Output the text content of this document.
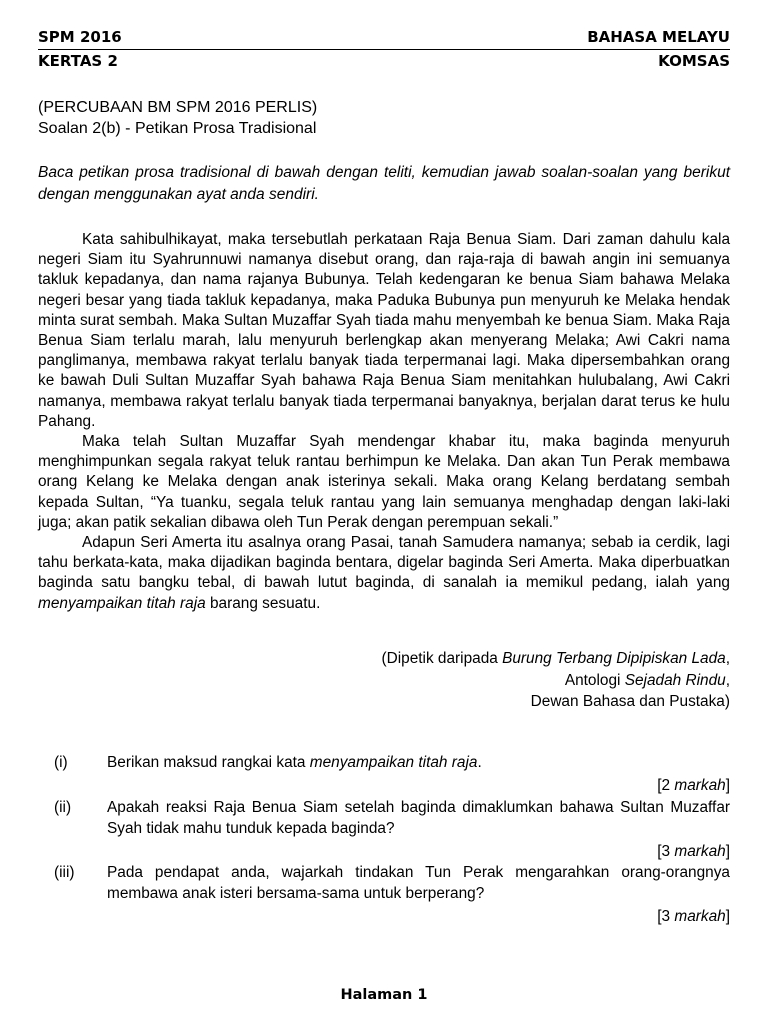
SPM 2016	BAHASA MELAYU
KERTAS 2	KOMSAS
(PERCUBAAN BM SPM 2016 PERLIS)
Soalan 2(b) - Petikan Prosa Tradisional
Baca petikan prosa tradisional di bawah dengan teliti, kemudian jawab soalan-soalan yang berikut dengan menggunakan ayat anda sendiri.

Kata sahibulhikayat, maka tersebutlah perkataan Raja Benua Siam. Dari zaman dahulu kala negeri Siam itu Syahrunnuwi namanya disebut orang, dan raja-raja di bawah angin ini semuanya takluk kepadanya, dan nama rajanya Bubunya. Telah kedengaran ke benua Siam bahawa Melaka negeri besar yang tiada takluk kepadanya, maka Paduka Bubunya pun menyuruh ke Melaka hendak minta surat sembah. Maka Sultan Muzaffar Syah tiada mahu menyembah ke benua Siam. Maka Raja Benua Siam terlalu marah, lalu menyuruh berlengkap akan menyerang Melaka; Awi Cakri nama panglimanya, membawa rakyat terlalu banyak tiada terpermanai lagi. Maka dipersembahkan orang ke bawah Duli Sultan Muzaffar Syah bahawa Raja Benua Siam menitahkan hulubalang, Awi Cakri namanya, membawa rakyat terlalu banyak tiada terpermanai banyaknya, berjalan darat terus ke hulu Pahang.

Maka telah Sultan Muzaffar Syah mendengar khabar itu, maka baginda menyuruh menghimpunkan segala rakyat teluk rantau berhimpun ke Melaka. Dan akan Tun Perak membawa orang Kelang ke Melaka dengan anak isterinya sekali. Maka orang Kelang berdatang sembah kepada Sultan, “Ya tuanku, segala teluk rantau yang lain semuanya menghadap dengan laki-laki juga; akan patik sekalian dibawa oleh Tun Perak dengan perempuan sekali.”

Adapun Seri Amerta itu asalnya orang Pasai, tanah Samudera namanya; sebab ia cerdik, lagi tahu berkata-kata, maka dijadikan baginda bentara, digelar baginda Seri Amerta. Maka diperbuatkan baginda satu bangku tebal, di bawah lutut baginda, di sanalah ia memikul pedang, ialah yang menyampaikan titah raja barang sesuatu.

(Dipetik daripada Burung Terbang Dipipiskan Lada,
Antologi Sejadah Rindu,
Dewan Bahasa dan Pustaka)
(i)	Berikan maksud rangkai kata menyampaikan titah raja.
[2 markah]
(ii) Apakah reaksi Raja Benua Siam setelah baginda dimaklumkan bahawa Sultan Muzaffar Syah tidak mahu tunduk kepada baginda?
[3 markah]
(iii) Pada pendapat anda, wajarkah tindakan Tun Perak mengarahkan orang-orangnya membawa anak isteri bersama-sama untuk berperang?
[3 markah]
Halaman 1
